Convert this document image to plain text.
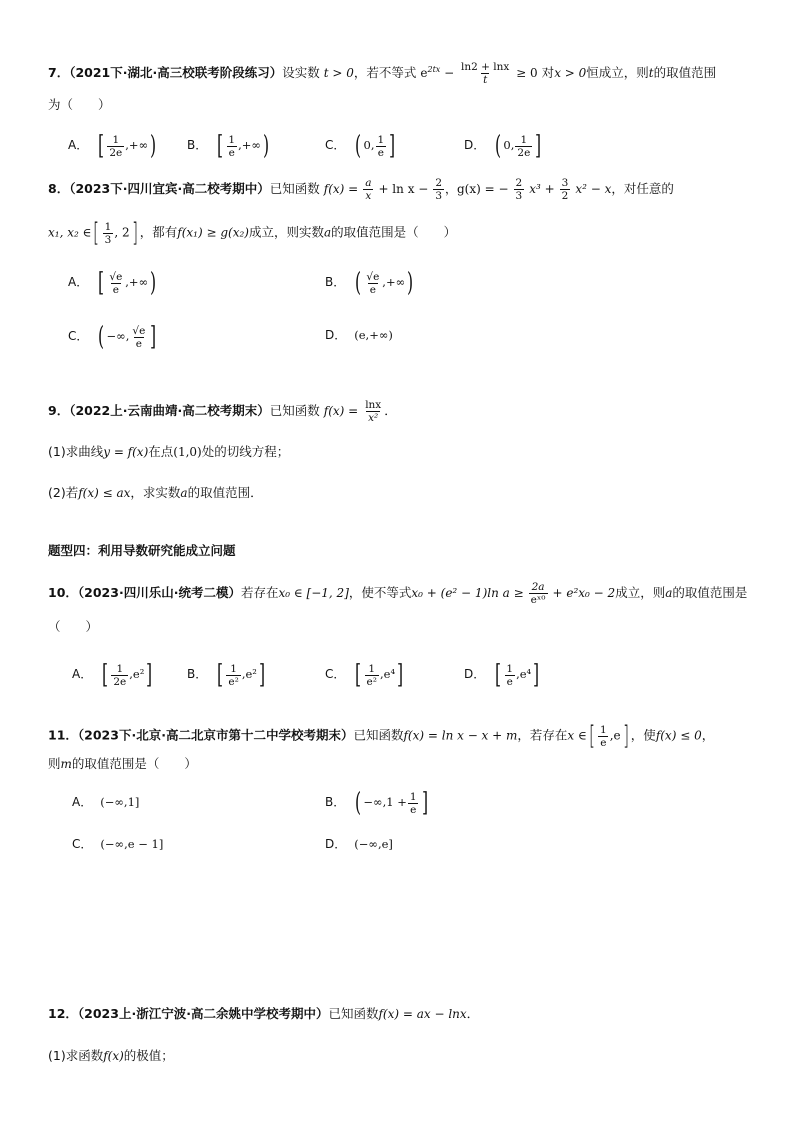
7．（2021下·湖北·高三校联考阶段练习）设实数 t > 0，若不等式 $e^{2tx} - \frac{\ln 2 + \ln x}{t} \ge 0$ 对x > 0恒成立，则t的取值范围
为（　　）
A． [ $\frac{1}{2e}$ ,+∞)	B． [ $\frac{1}{e}$ ,+∞)	C． ( 0, $\frac{1}{e}$ ]	D． ( 0, $\frac{1}{2e}$ ]
8．（2023下·四川宜宾·高二校考期中）已知函数 $f(x) = \frac{a}{x} + \ln x - \frac{2}{3}$ ，g(x) = − $\frac{2}{3} x^3 + \frac{3}{2} x^2 - x$，对任意的
x₁, x₂ ∈[ $\frac{1}{3}$ , 2] ，都有f(x₁) ≥ g(x₂)成立，则实数a的取值范围是（　　）
A． [ $\frac{√e}{e}$ ,+∞)	B． ( $\frac{√e}{e}$ ,+∞)
C． ( −∞, $\frac{√e}{e}$ ]	D． (e,+∞)
9．（2022上·云南曲靖·高二校考期末）已知函数 $f(x) = \frac{\ln x}{\text{x²}}$ ．
(1)求曲线y = f(x)在点(1,0)处的切线方程；
(2)若f(x) ≤ ax，求实数a的取值范围．
题型四：利用导数研究能成立问题
10．（2023·四川乐山·统考二模）若存在x₀ ∈ [−1, 2]，使不等式x₀ + (e² − 1)ln $a \ge \frac{2a}{\text{eˣ⁰}} + e^2x_0 - 2$成立，则a的取值范围是
（　　）
A． [ $\frac{1}{2e} ,e^2$]	B． [ $\frac{1}{\text{e²}} ,e^2$]	C． [ $\frac{1}{\text{e²}} ,e^4$]	D． [ $\frac{1}{e} ,e^4$]
11．（2023下·北京·高二北京市第十二中学校考期末）已知函数f(x) = ln x − x + m，若存在x ∈[ $\frac{1}{e} ,e$] ，使f(x) ≤ 0，
则m的取值范围是（　　）
A． (−∞,1]	B． ( $-\infty,1 + \frac{1}{e}$ ]
C． (−∞,e − 1]	D． (−∞,e]
12．（2023上·浙江宁波·高二余姚中学校考期中）已知函数f(x) = ax − lnx．
(1)求函数f(x)的极值；
